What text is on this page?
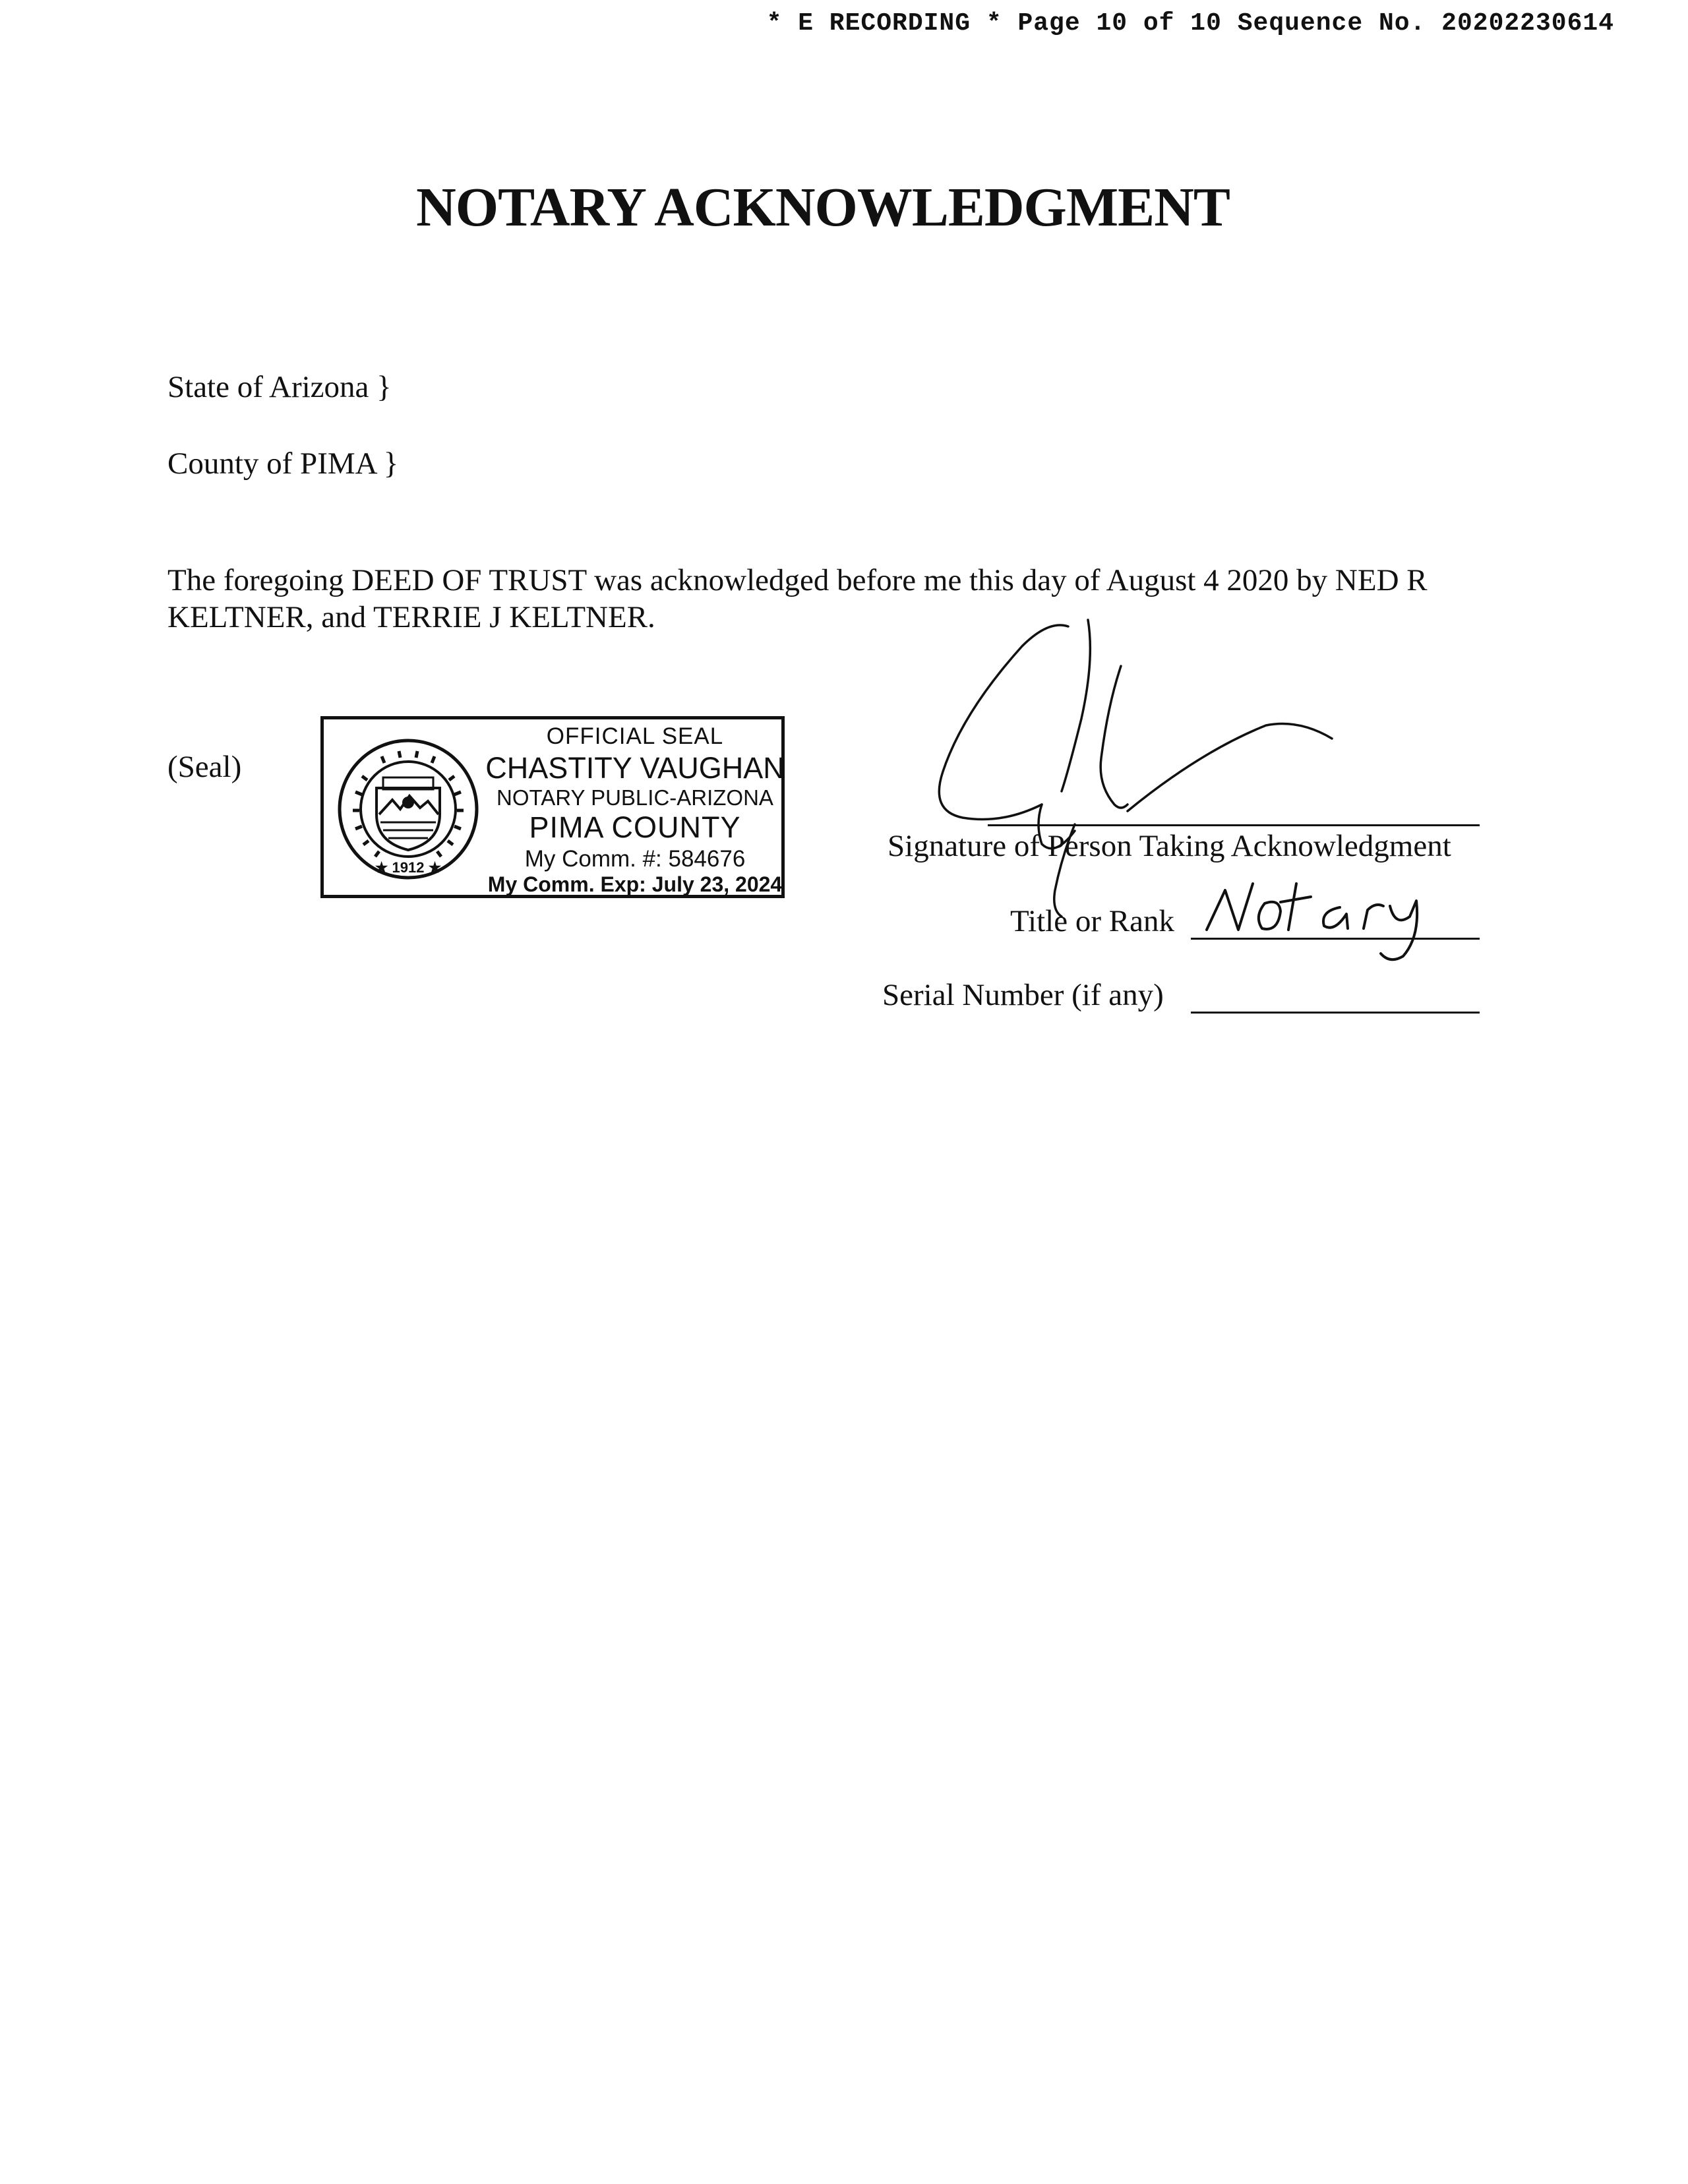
* E RECORDING * Page 10 of 10 Sequence No. 20202230614
NOTARY ACKNOWLEDGMENT
State of Arizona }
County of PIMA }
The foregoing DEED OF TRUST was acknowledged before me this day of August 4 2020 by NED R KELTNER, and TERRIE J KELTNER.
(Seal)
★ 1912 ★
OFFICIAL SEAL
CHASTITY VAUGHAN
NOTARY PUBLIC-ARIZONA
PIMA COUNTY
My Comm. #: 584676
My Comm. Exp: July 23, 2024
Signature of Person Taking Acknowledgment
Title or Rank
Serial Number (if any)
